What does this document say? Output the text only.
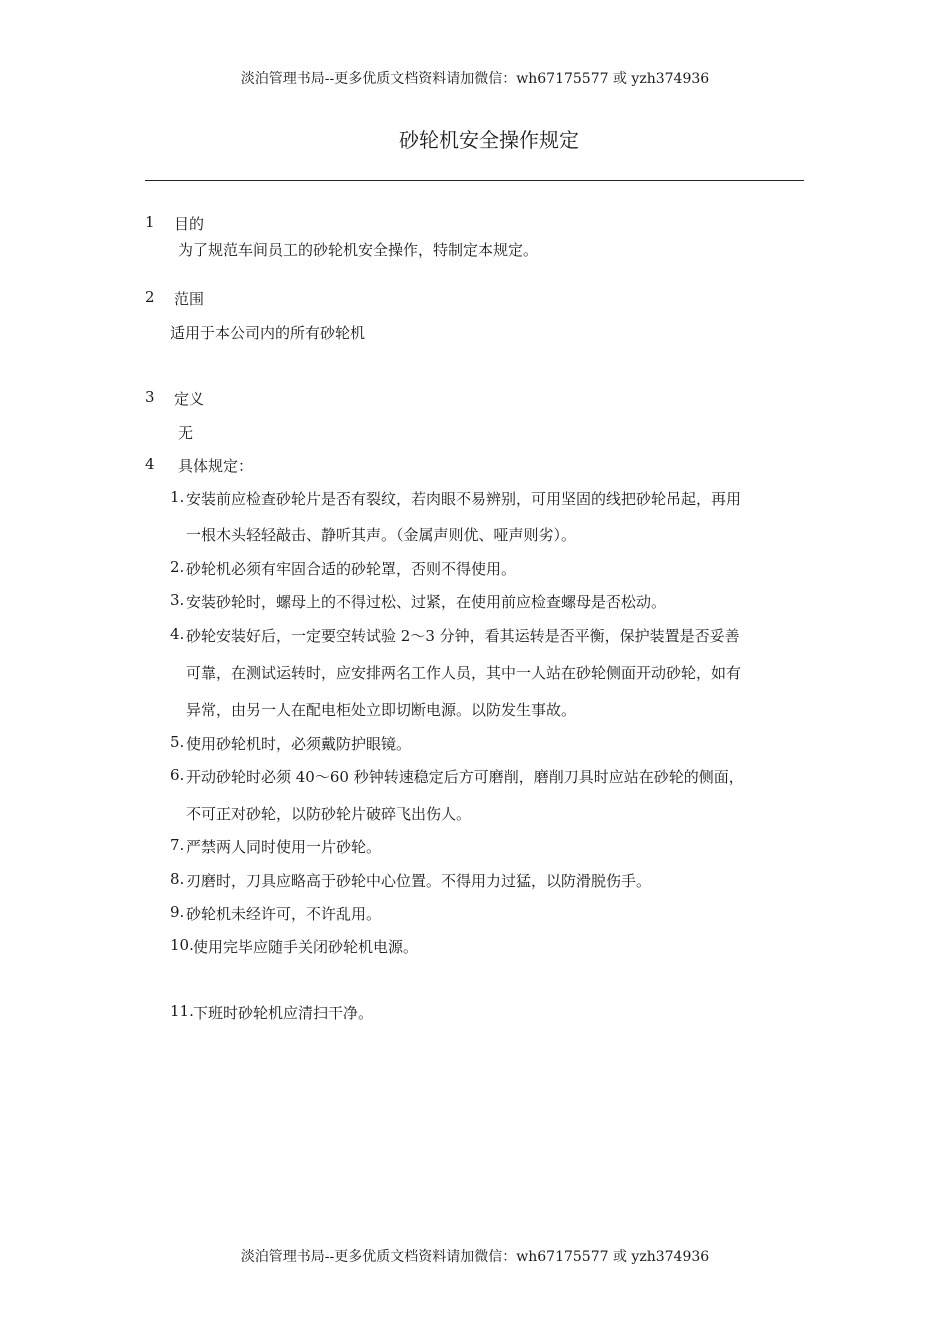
淡泊管理书局--更多优质文档资料请加微信：wh67175577 或 yzh374936
砂轮机安全操作规定
1 目的
为了规范车间员工的砂轮机安全操作，特制定本规定。
2 范围
适用于本公司内的所有砂轮机
3 定义
无
4 具体规定：
1. 安装前应检查砂轮片是否有裂纹，若肉眼不易辨别，可用坚固的线把砂轮吊起，再用
一根木头轻轻敲击、静听其声。（金属声则优、哑声则劣）。
2. 砂轮机必须有牢固合适的砂轮罩，否则不得使用。
3. 安装砂轮时，螺母上的不得过松、过紧，在使用前应检查螺母是否松动。
4. 砂轮安装好后，一定要空转试验 2～3 分钟，看其运转是否平衡，保护装置是否妥善
可靠，在测试运转时，应安排两名工作人员，其中一人站在砂轮侧面开动砂轮，如有
异常，由另一人在配电柜处立即切断电源。以防发生事故。
5. 使用砂轮机时，必须戴防护眼镜。
6. 开动砂轮时必须 40～60 秒钟转速稳定后方可磨削，磨削刀具时应站在砂轮的侧面，
不可正对砂轮，以防砂轮片破碎飞出伤人。
7. 严禁两人同时使用一片砂轮。
8. 刃磨时，刀具应略高于砂轮中心位置。不得用力过猛，以防滑脱伤手。
9. 砂轮机未经许可，不许乱用。
10. 使用完毕应随手关闭砂轮机电源。
11. 下班时砂轮机应清扫干净。
淡泊管理书局--更多优质文档资料请加微信：wh67175577 或 yzh374936
